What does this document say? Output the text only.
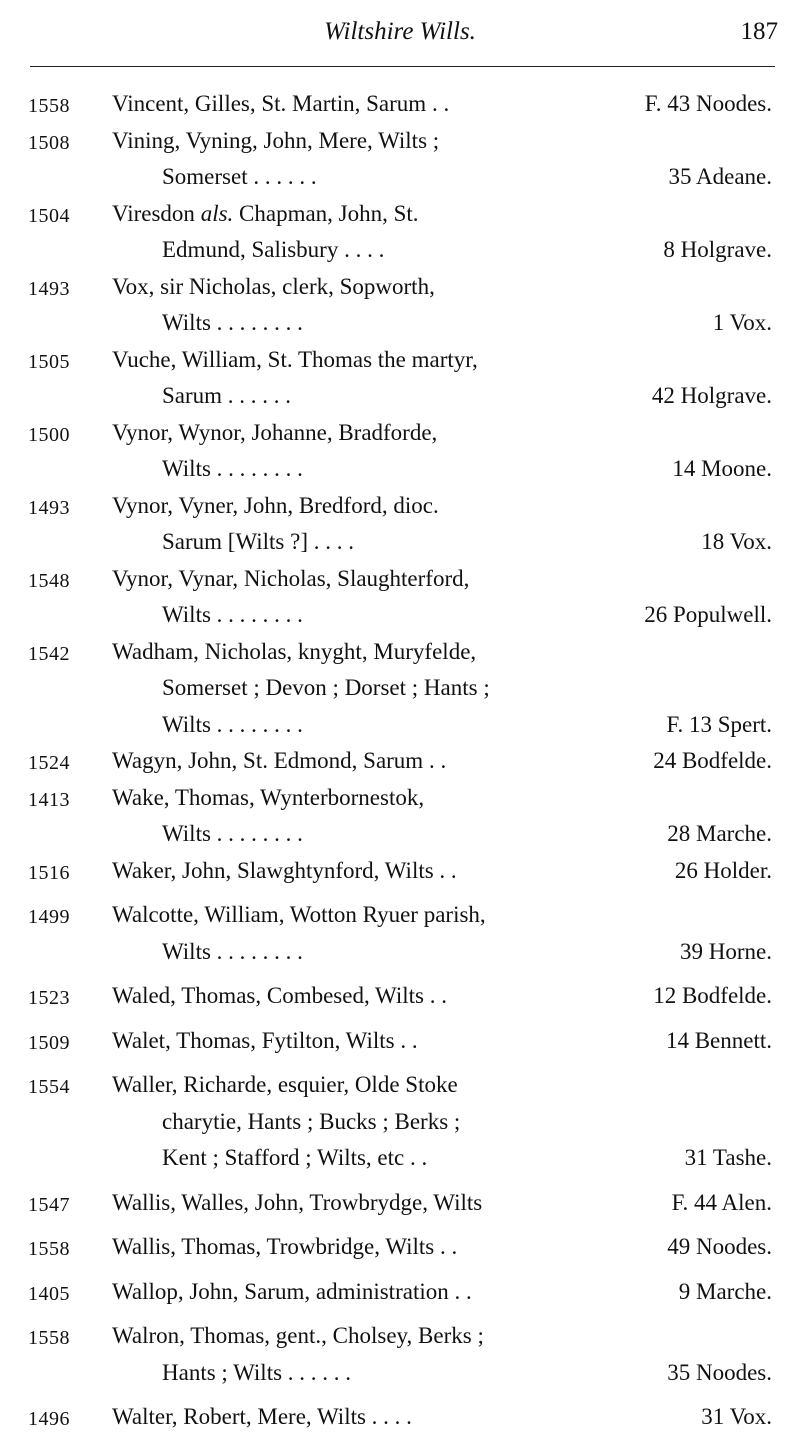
Wiltshire Wills.	187
1558 Vincent, Gilles, St. Martin, Sarum . .	F. 43 Noodes.
1508 Vining, Vyning, John, Mere, Wilts ;
Somerset . . . . . .	35 Adeane.
1504 Viresdon als. Chapman, John, St.
Edmund, Salisbury . . . .	8 Holgrave.
1493 Vox, sir Nicholas, clerk, Sopworth,
Wilts . . . . . . . .	1 Vox.
1505 Vuche, William, St. Thomas the martyr,
Sarum . . . . . .	42 Holgrave.
1500 Vynor, Wynor, Johanne, Bradforde,
Wilts . . . . . . . .	14 Moone.
1493 Vynor, Vyner, John, Bredford, dioc.
Sarum [Wilts ?] . . . .	18 Vox.
1548 Vynor, Vynar, Nicholas, Slaughterford,
Wilts . . . . . . . .	26 Populwell.
1542 Wadham, Nicholas, knyght, Muryfelde,
Somerset ; Devon ; Dorset ; Hants ;
Wilts . . . . . . . .	F. 13 Spert.
1524 Wagyn, John, St. Edmond, Sarum . .	24 Bodfelde.
1413 Wake, Thomas, Wynterbornestok,
Wilts . . . . . . . .	28 Marche.
1516 Waker, John, Slawghtynford, Wilts . .	26 Holder.
1499 Walcotte, William, Wotton Ryuer parish,
Wilts . . . . . . . .	39 Horne.
1523 Waled, Thomas, Combesed, Wilts . .	12 Bodfelde.
1509 Walet, Thomas, Fytilton, Wilts . .	14 Bennett.
1554 Waller, Richarde, esquier, Olde Stoke
charytie, Hants ; Bucks ; Berks ;
Kent ; Stafford ; Wilts, etc . .	31 Tashe.
1547 Wallis, Walles, John, Trowbrydge, Wilts	F. 44 Alen.
1558 Wallis, Thomas, Trowbridge, Wilts . .	49 Noodes.
1405 Wallop, John, Sarum, administration . .	9 Marche.
1558 Walron, Thomas, gent., Cholsey, Berks ;
Hants ; Wilts . . . . . .	35 Noodes.
1496 Walter, Robert, Mere, Wilts . . . .	31 Vox.
